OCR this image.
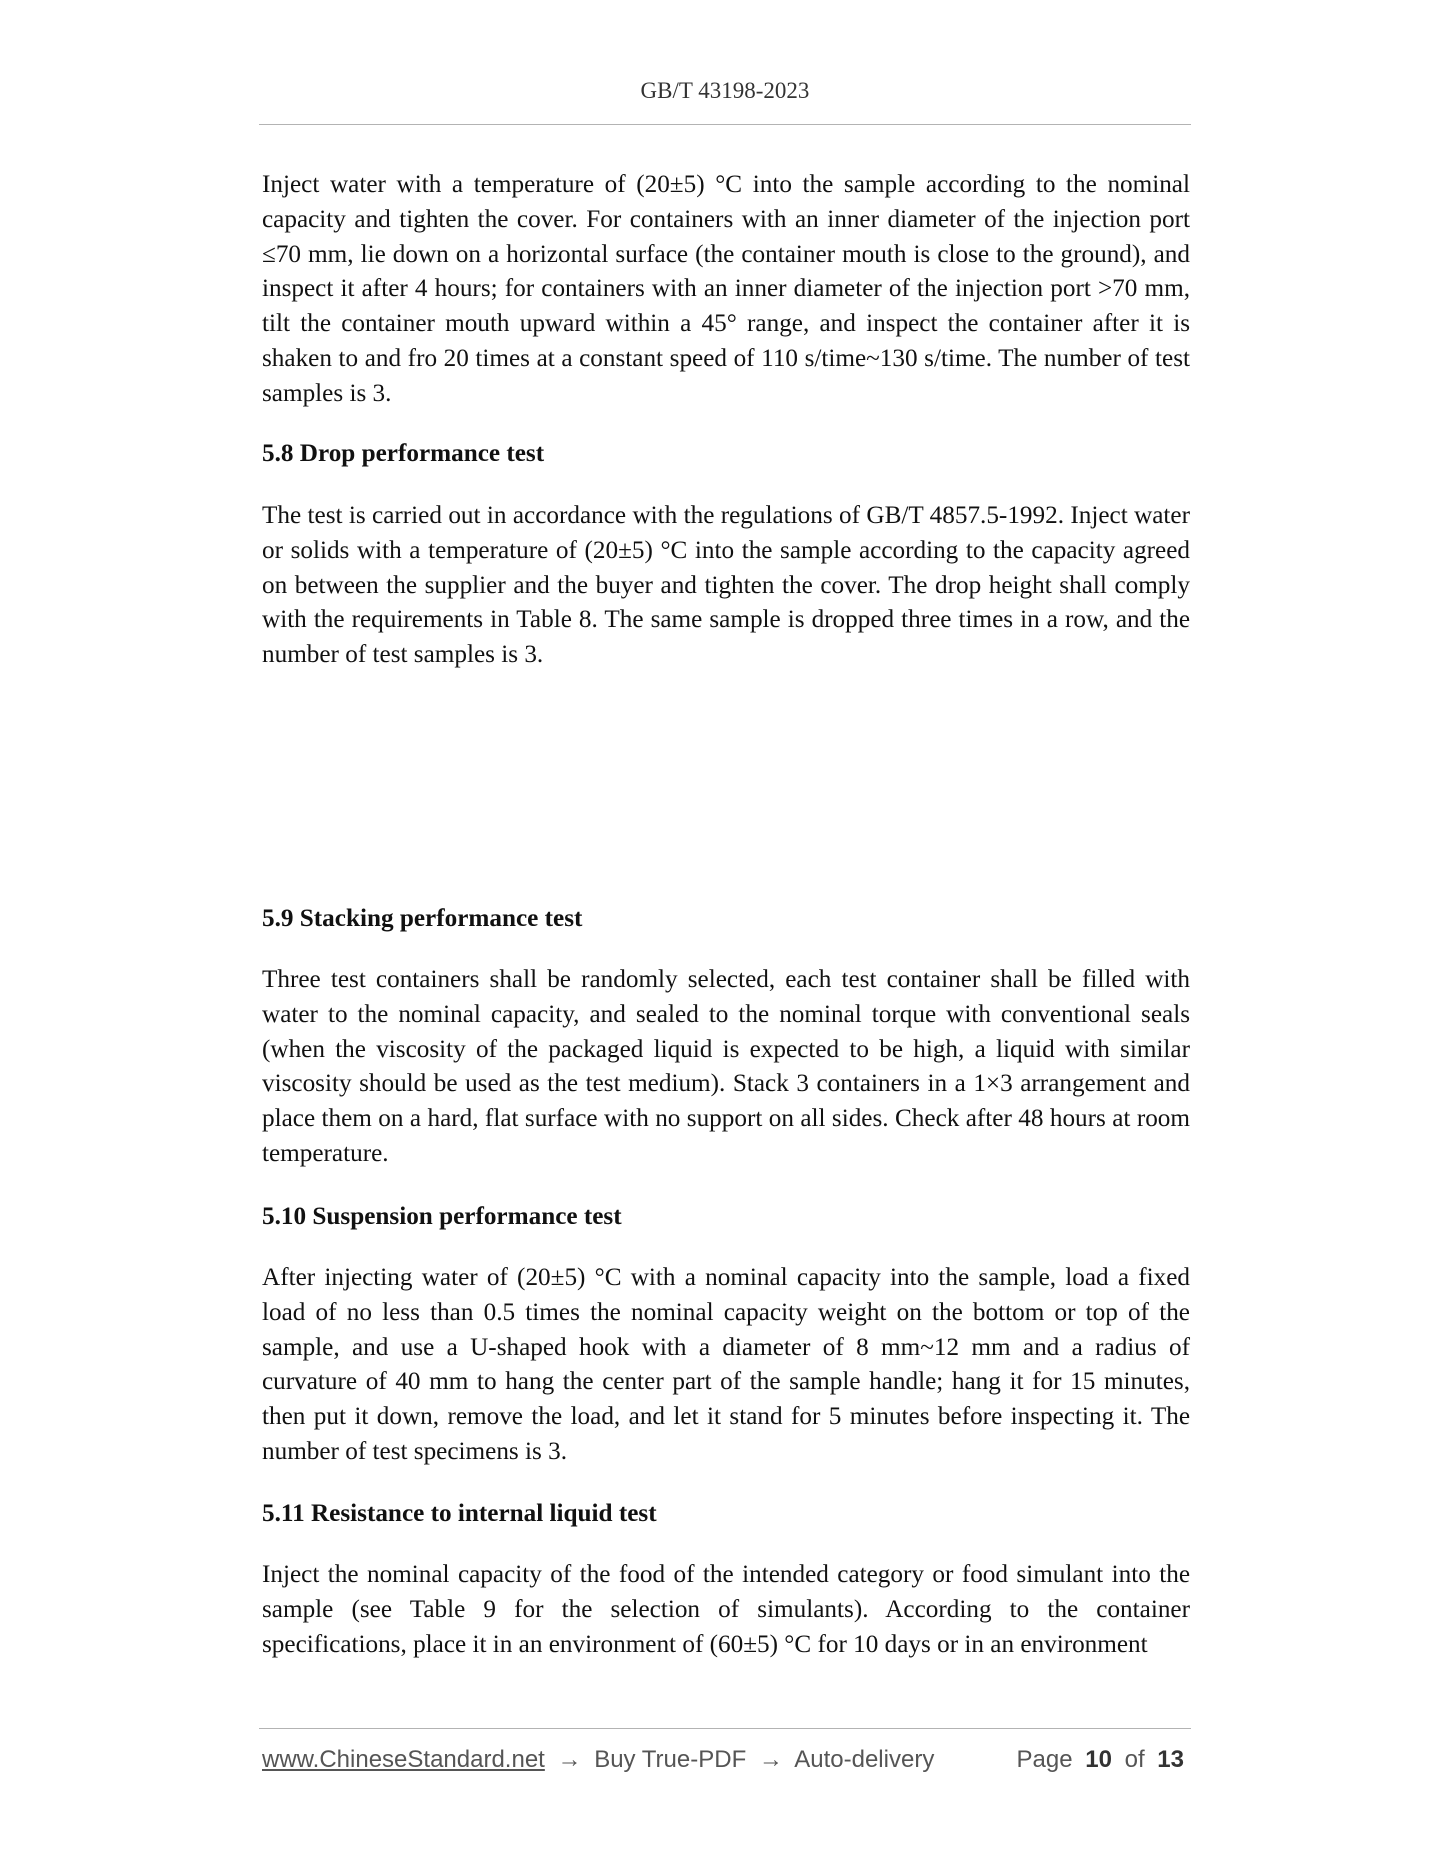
GB/T 43198-2023

Inject water with a temperature of (20±5) °C into the sample according to the nominal capacity and tighten the cover. For containers with an inner diameter of the injection port ≤70 mm, lie down on a horizontal surface (the container mouth is close to the ground), and inspect it after 4 hours; for containers with an inner diameter of the injection port >70 mm, tilt the container mouth upward within a 45° range, and inspect the container after it is shaken to and fro 20 times at a constant speed of 110 s/time~130 s/time. The number of test samples is 3.

5.8 Drop performance test

The test is carried out in accordance with the regulations of GB/T 4857.5-1992. Inject water or solids with a temperature of (20±5) °C into the sample according to the capacity agreed on between the supplier and the buyer and tighten the cover. The drop height shall comply with the requirements in Table 8. The same sample is dropped three times in a row, and the number of test samples is 3.

5.9 Stacking performance test

Three test containers shall be randomly selected, each test container shall be filled with water to the nominal capacity, and sealed to the nominal torque with conventional seals (when the viscosity of the packaged liquid is expected to be high, a liquid with similar viscosity should be used as the test medium). Stack 3 containers in a 1×3 arrangement and place them on a hard, flat surface with no support on all sides. Check after 48 hours at room temperature.

5.10 Suspension performance test

After injecting water of (20±5) °C with a nominal capacity into the sample, load a fixed load of no less than 0.5 times the nominal capacity weight on the bottom or top of the sample, and use a U-shaped hook with a diameter of 8 mm~12 mm and a radius of curvature of 40 mm to hang the center part of the sample handle; hang it for 15 minutes, then put it down, remove the load, and let it stand for 5 minutes before inspecting it. The number of test specimens is 3.

5.11 Resistance to internal liquid test

Inject the nominal capacity of the food of the intended category or food simulant into the sample (see Table 9 for the selection of simulants). According to the container specifications, place it in an environment of (60±5) °C for 10 days or in an environment

www.ChineseStandard.net → Buy True-PDF → Auto-delivery	Page 10 of 13
